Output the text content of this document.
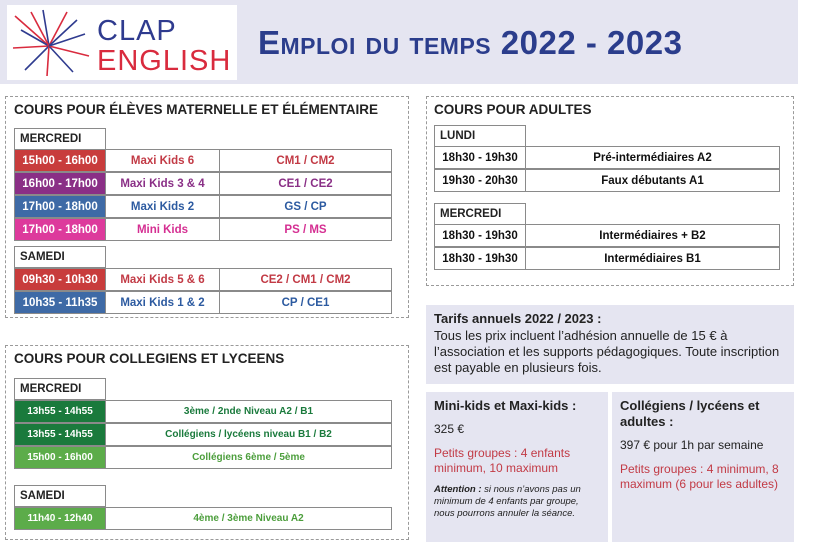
CLAP
ENGLISH Emploi du temps 2022 - 2023
COURS POUR ÉLÈVES MATERNELLE ET ÉLÉMENTAIRE
MERCREDI
15h00 - 16h00	Maxi Kids 6	CM1 / CM2
16h00 - 17h00	Maxi Kids 3 & 4	CE1 / CE2
17h00 - 18h00	Maxi Kids 2	GS / CP
17h00 - 18h00	Mini Kids	PS / MS
SAMEDI
09h30 - 10h30	Maxi Kids 5 & 6	CE2 / CM1 / CM2
10h35 - 11h35	Maxi Kids 1 & 2	CP / CE1
COURS POUR COLLEGIENS ET LYCEENS
MERCREDI
13h55 - 14h55	3ème / 2nde Niveau A2 / B1
13h55 - 14h55	Collégiens / lycéens niveau B1 / B2
15h00 - 16h00	Collégiens 6ème / 5ème
SAMEDI
11h40 - 12h40	4ème / 3ème Niveau A2
COURS POUR ADULTES
LUNDI
18h30 - 19h30	Pré-intermédiaires A2
19h30 - 20h30	Faux débutants A1
MERCREDI
18h30 - 19h30	Intermédiaires + B2
18h30 - 19h30	Intermédiaires B1
Tarifs annuels 2022 / 2023 :
Tous les prix incluent l’adhésion annuelle de 15 € à l’association et les supports pédagogiques. Toute inscription est payable en plusieurs fois.
Mini-kids et Maxi-kids :
325 €
Petits groupes : 4 enfants minimum, 10 maximum
Attention : si nous n’avons pas un minimum de 4 enfants par groupe, nous pourrons annuler la séance.
Collégiens / lycéens et adultes :
397 € pour 1h par semaine
Petits groupes : 4 minimum, 8 maximum (6 pour les adultes)
